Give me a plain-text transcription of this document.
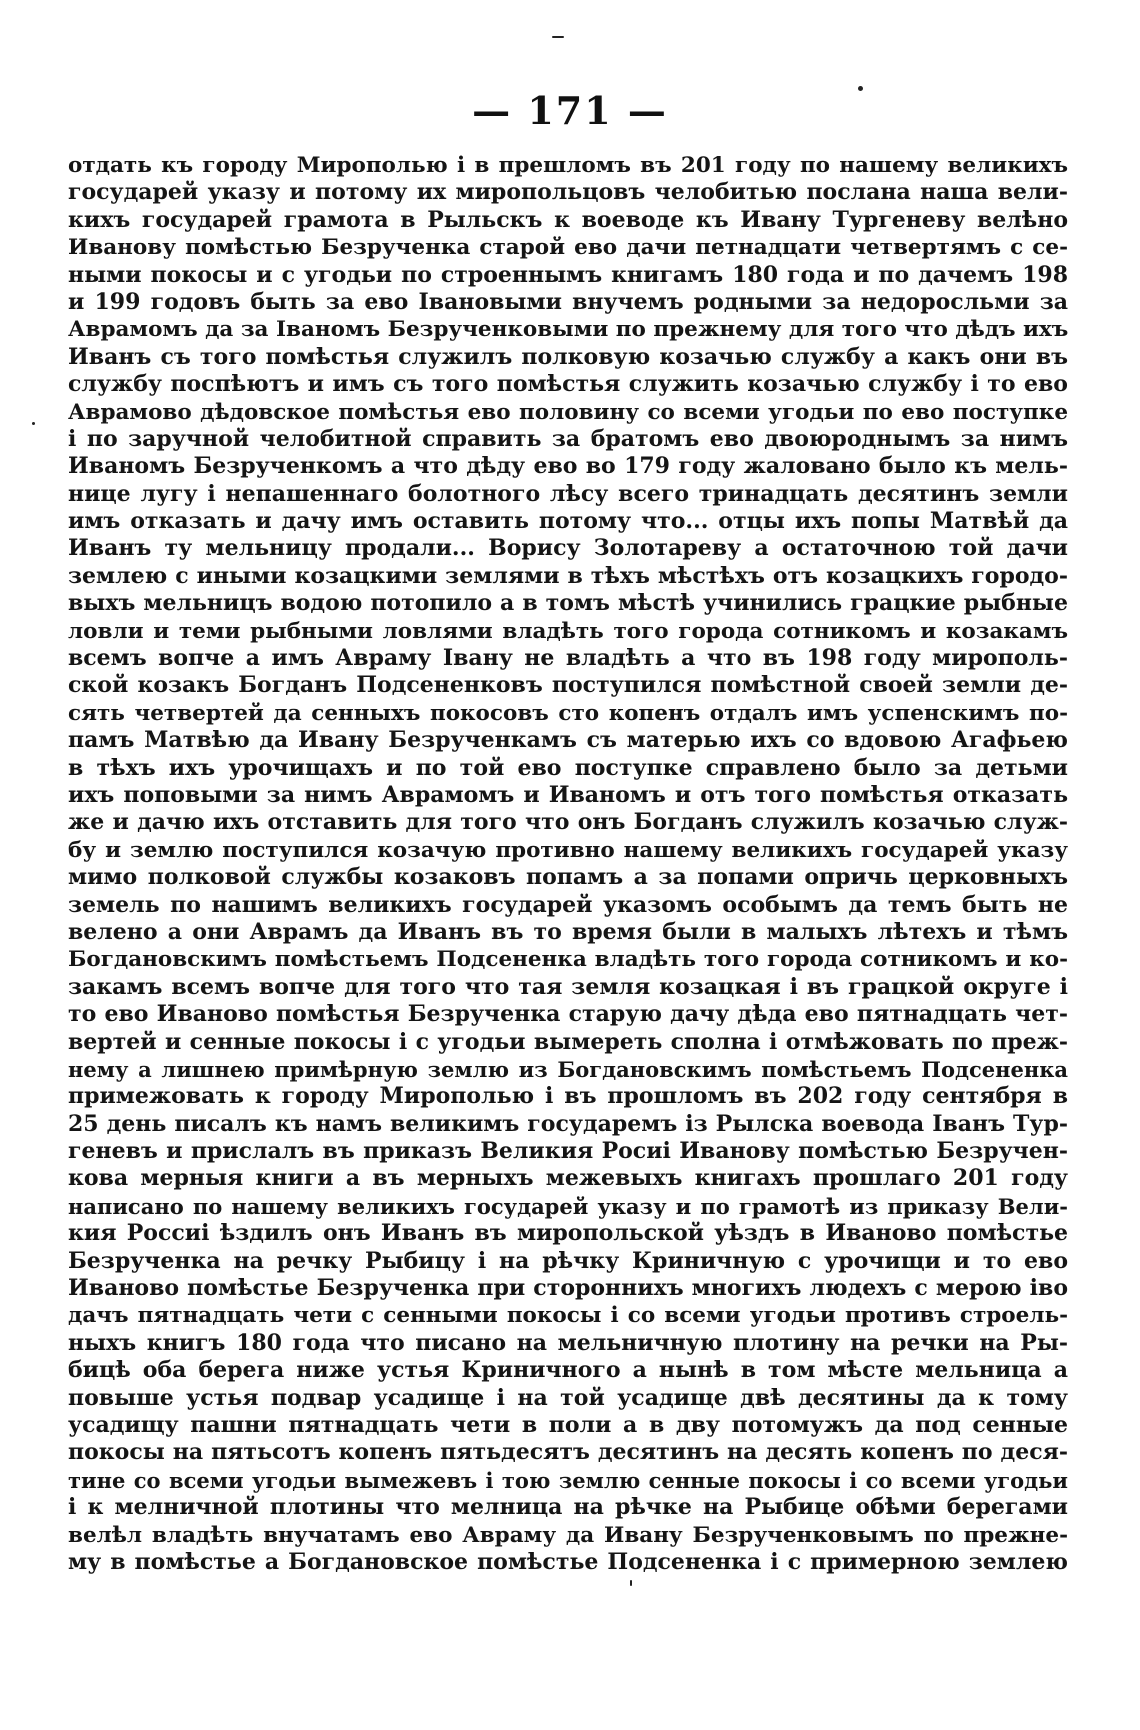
— 171 —
отдать къ городу Мирополью і в прешломъ въ 201 году по нашему великихъ
государей указу и потому их миропольцовъ челобитью послана наша вели-
кихъ государей грамота в Рыльскъ к воеводе къ Ивану Тургеневу велѣно
Иванову помѣстью Безрученка старой ево дачи петнадцати четвертямъ с се-
ными покосы и с угодьи по строеннымъ книгамъ 180 года и по дачемъ 198
и 199 годовъ быть за ево Івановыми внучемъ родными за недоросльми за
Аврамомъ да за Іваномъ Безрученковыми по прежнему для того что дѣдъ ихъ
Иванъ съ того помѣстья служилъ полковую козачью службу а какъ они въ
службу поспѣютъ и имъ съ того помѣстья служить козачью службу і то ево
Аврамово дѣдовское помѣстья ево половину со всеми угодьи по ево поступке
і по заручной челобитной справить за братомъ ево двоюроднымъ за нимъ
Иваномъ Безрученкомъ а что дѣду ево во 179 году жаловано было къ мель-
нице лугу і непашеннаго болотного лѣсу всего тринадцать десятинъ земли
имъ отказать и дачу имъ оставить потому что... отцы ихъ попы Матвѣй да
Иванъ ту мельницу продали... Ворису Золотареву а остаточною той дачи
землею с иными козацкими землями в тѣхъ мѣстѣхъ отъ козацкихъ городо-
выхъ мельницъ водою потопило а в томъ мѣстѣ учинились грацкие рыбные
ловли и теми рыбными ловлями владѣть того города сотникомъ и козакамъ
всемъ вопче а имъ Авраму Івану не владѣть а что въ 198 году мирополь-
ской козакъ Богданъ Подсененковъ поступился помѣстной своей земли де-
сять четвертей да сенныхъ покосовъ сто копенъ отдалъ имъ успенскимъ по-
памъ Матвѣю да Ивану Безрученкамъ съ матерью ихъ со вдовою Агафьею
в тѣхъ ихъ урочищахъ и по той ево поступке справлено было за детьми
ихъ поповыми за нимъ Аврамомъ и Иваномъ и отъ того помѣстья отказать
же и дачю ихъ отставить для того что онъ Богданъ служилъ козачью служ-
бу и землю поступился козачую противно нашему великихъ государей указу
мимо полковой службы козаковъ попамъ а за попами опричь церковныхъ
земель по нашимъ великихъ государей указомъ особымъ да темъ быть не
велено а они Аврамъ да Иванъ въ то время были в малыхъ лѣтехъ и тѣмъ
Богдановскимъ помѣстьемъ Подсененка владѣть того города сотникомъ и ко-
закамъ всемъ вопче для того что тая земля козацкая і въ грацкой округе і
то ево Иваново помѣстья Безрученка старую дачу дѣда ево пятнадцать чет-
вертей и сенные покосы і с угодьи вымереть сполна і отмѣжовать по преж-
нему а лишнею примѣрную землю из Богдановскимъ помѣстьемъ Подсененка
примежовать к городу Мирополью і въ прошломъ въ 202 году сентября в
25 день писалъ къ намъ великимъ государемъ із Рылска воевода Іванъ Тур-
геневъ и прислалъ въ приказъ Великия Росиі Иванову помѣстью Безручен-
кова мерныя книги а въ мерныхъ межевыхъ книгахъ прошлаго 201 году
написано по нашему великихъ государей указу и по грамотѣ из приказу Вели-
кия Россиі ѣздилъ онъ Иванъ въ миропольской уѣздъ в Иваново помѣстье
Безрученка на речку Рыбицу і на рѣчку Криничную с урочищи и то ево
Иваново помѣстье Безрученка при стороннихъ многихъ людехъ с мерою іво
дачъ пятнадцать чети с сенными покосы і со всеми угодьи противъ строель-
ныхъ книгъ 180 года что писано на мельничную плотину на речки на Ры-
бицѣ оба берега ниже устья Криничного а нынѣ в том мѣсте мельница а
повыше устья подвар усадище і на той усадище двѣ десятины да к тому
усадищу пашни пятнадцать чети в поли а в дву потомужъ да под сенные
покосы на пятьсотъ копенъ пятьдесятъ десятинъ на десять копенъ по деся-
тине со всеми угодьи вымежевъ і тою землю сенные покосы і со всеми угодьи
і к мелничной плотины что мелница на рѣчке на Рыбице обѣми берегами
велѣл владѣть внучатамъ ево Авраму да Ивану Безрученковымъ по прежне-
му в помѣстье а Богдановское помѣстье Подсененка і с примерною землею
